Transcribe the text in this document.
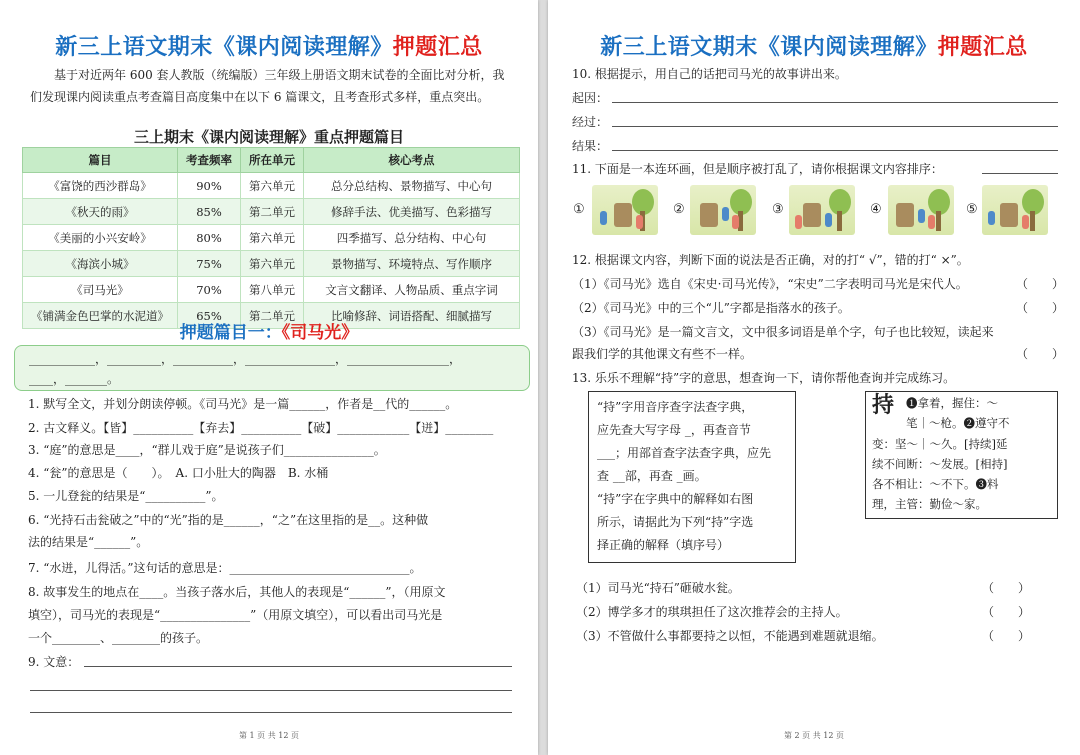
新三上语文期末《课内阅读理解》押题汇总
基于对近两年 600 套人教版（统编版）三年级上册语文期末试卷的全面比对分析，我们发现课内阅读重点考查篇目高度集中在以下 6 篇课文，且考查形式多样，重点突出。
三上期末《课内阅读理解》重点押题篇目
篇目	考查频率	所在单元	核心考点
《富饶的西沙群岛》	90%	第六单元	总分总结构、景物描写、中心句
《秋天的雨》	85%	第二单元	修辞手法、优美描写、色彩描写
《美丽的小兴安岭》	80%	第六单元	四季描写、总分结构、中心句
《海滨小城》	75%	第六单元	景物描写、环境特点、写作顺序
《司马光》	70%	第八单元	文言文翻译、人物品质、重点字词
《铺满金色巴掌的水泥道》	65%	第二单元	比喻修辞、词语搭配、细腻描写
押题篇目一：《司马光》
___________，_________，__________，_______________，_________________，
____，_______。
1. 默写全文，并划分朗读停顿。《司马光》是一篇______，作者是__代的______。
2. 古文释义。【皆】__________【弃去】__________【破】____________【迸】________
3. “庭”的意思是____，“群儿戏于庭”是说孩子们_______________。
4. “瓮”的意思是（　　）。　A. 口小肚大的陶器　B. 水桶
5. 一儿登瓮的结果是“__________”。
6. “光持石击瓮破之”中的“光”指的是______，“之”在这里指的是__。这种做
法的结果是“______”。
7. “水迸，儿得活。”这句话的意思是：______________________________。
8. 故事发生的地点在____。当孩子落水后，其他人的表现是“______”，（用原文
填空），司马光的表现是“_______________”（用原文填空），可以看出司马光是
一个________、________的孩子。
9. 文意：
第 1 页 共 12 页
新三上语文期末《课内阅读理解》押题汇总
第 2 页 共 12 页
10. 根据提示，用自己的话把司马光的故事讲出来。
起因：
经过：
结果：
11. 下面是一本连环画，但是顺序被打乱了，请你根据课文内容排序：
①	②	③	④	⑤
12. 根据课文内容，判断下面的说法是否正确，对的打“ √”，错的打“ ×”。
（1）《司马光》选自《宋史·司马光传》，“宋史”二字表明司马光是宋代人。	（　　）
（2）《司马光》中的三个“儿”字都是指落水的孩子。	（　　）
（3）《司马光》是一篇文言文，文中很多词语是单个字，句子也比较短，读起来
跟我们学的其他课文有些不一样。	（　　）
13. 乐乐不理解“持”字的意思，想查询一下，请你帮他查询并完成练习。
“持”字用音序查字法查字典，
应先查大写字母 _，再查音节
___；用部首查字法查字典，应先
查 __部，再查 _画。
“持”字在字典中的解释如右图
所示，请据此为下列“持”字选
择正确的解释（填序号）
持 ❶拿着，握住：～
笔｜～枪。❷遵守不
变：坚～｜～久。[持续]延
续不间断：～发展。[相持]
各不相让：～不下。❸料
理，主管：勤俭～家。
（1）司马光“持石”砸破水瓮。	（　　）
（2）博学多才的琪琪担任了这次推荐会的主持人。	（　　）
（3）不管做什么事都要持之以恒，不能遇到难题就退缩。	（　　）
